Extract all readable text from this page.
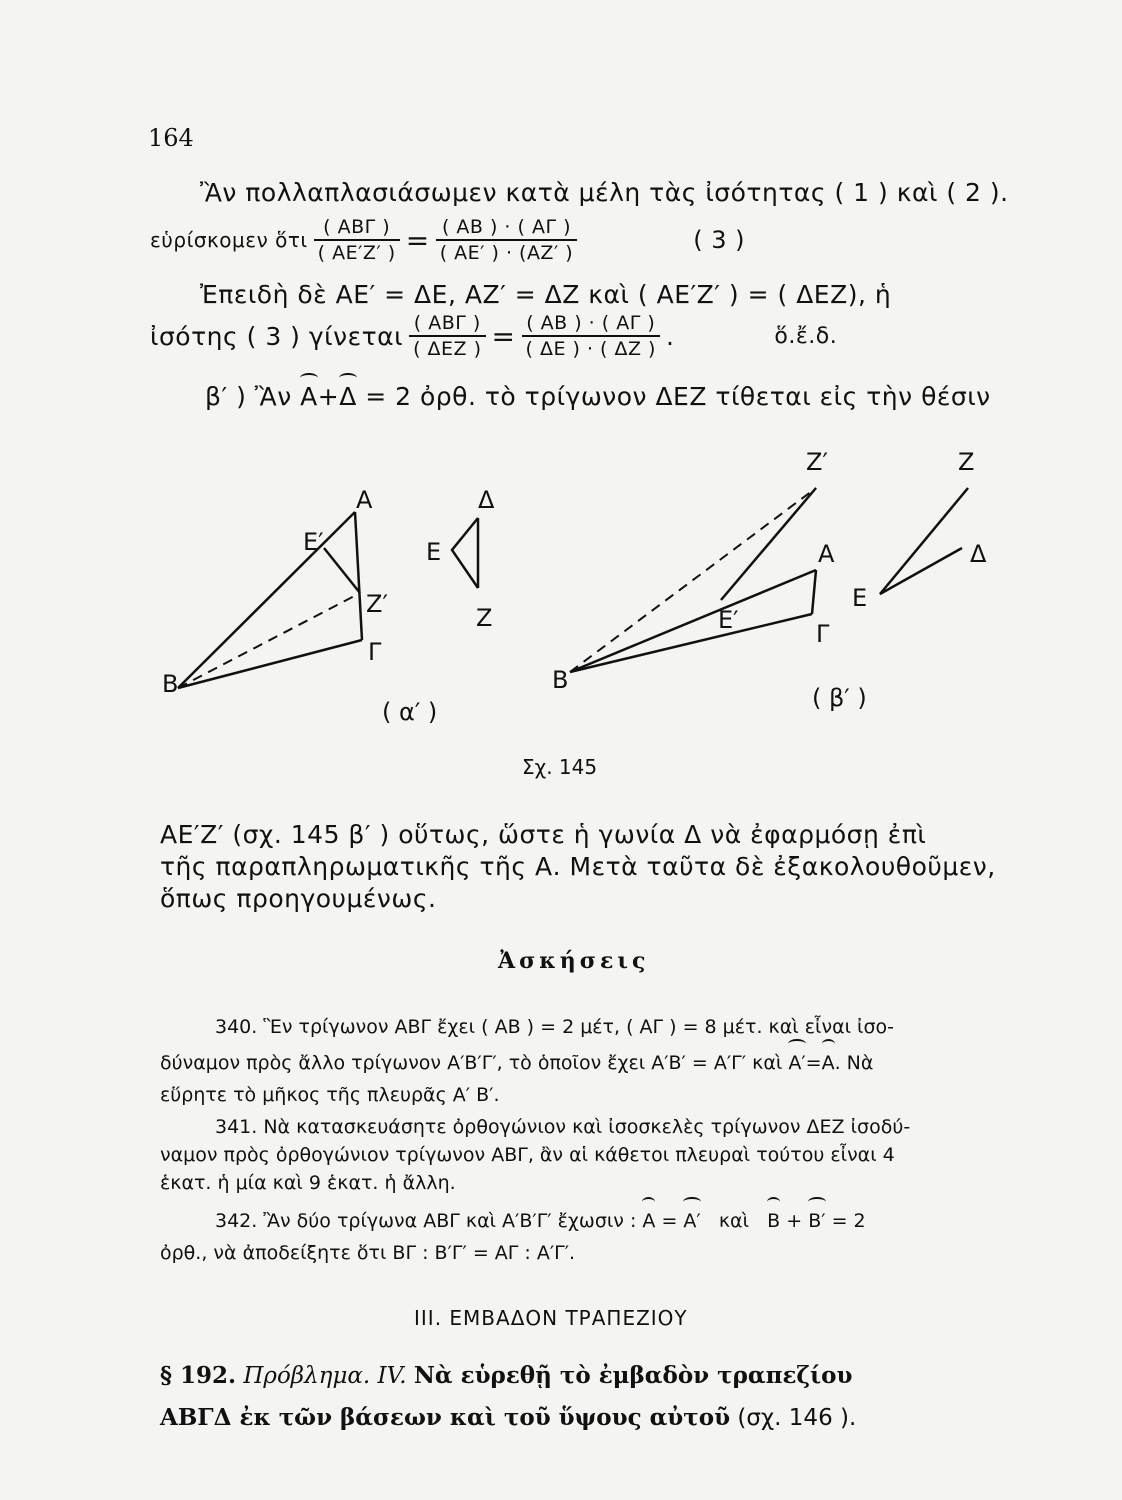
164
Ἂν πολλαπλασιάσωμεν κατὰ μέλη τὰς ἰσότητας ( 1 ) καὶ ( 2 ).
εὑρίσκομεν ὅτι $\frac{\text{( ΑΒΓ )}}{( AE'Z' )} = \frac{( AB ) \cdot ( A\Gamma )}{( AE' ) \cdot (AZ' )}$	( 3 )
Ἐπειδὴ δὲ ΑΕ′ = ΔΕ, ΑΖ′ = ΔΖ καὶ ( ΑΕ′Ζ′ ) = ( ΔΕΖ), ἡ
ἰσότης ( 3 ) γίνεται $\frac{\text{( ΑΒΓ )}}{\text{( ΔΕΖ )}} = \frac{( AB ) \cdot ( A\Gamma )}{( \Delta E ) \cdot ( \Delta Z )}$ .	ὅ.ἔ.δ.
β′ ) Ἂν Α+Δ = 2 ὀρθ. τὸ τρίγωνον ΔΕΖ τίθεται εἰς τὴν θέσιν
Β
Α
Ε′
Ζ′
Γ
Δ
Ε
Ζ
( α′ )
Β
Α
Ε′
Ζ′
Γ
Ζ
Ε
Δ
( β′ )
Σχ. 145
ΑΕ′Ζ′ (σχ. 145 β′ ) οὕτως, ὥστε ἡ γωνία Δ νὰ ἐφαρμόσῃ ἐπὶ
τῆς παραπληρωματικῆς τῆς Α. Μετὰ ταῦτα δὲ ἐξακολουθοῦμεν,
ὅπως προηγουμένως.
Ἀσκήσεις
340. Ἓν τρίγωνον ΑΒΓ ἔχει ( ΑΒ ) = 2 μέτ, ( ΑΓ ) = 8 μέτ. καὶ εἶναι ἰσο-
δύναμον πρὸς ἄλλο τρίγωνον Α′Β′Γ′, τὸ ὁποῖον ἔχει Α′Β′ = Α′Γ′ καὶ Α′=Α. Νὰ
εὕρητε τὸ μῆκος τῆς πλευρᾶς Α′ Β′.
341. Νὰ κατασκευάσητε ὀρθογώνιον καὶ ἰσοσκελὲς τρίγωνον ΔΕΖ ἰσοδύ-
ναμον πρὸς ὀρθογώνιον τρίγωνον ΑΒΓ, ἂν αἱ κάθετοι πλευραὶ τούτου εἶναι 4
ἑκατ. ἡ μία καὶ 9 ἑκατ. ἡ ἄλλη.
342. Ἂν δύο τρίγωνα ΑΒΓ καὶ Α′Β′Γ′ ἔχωσιν : Α = Α′ καὶ Β + Β′ = 2
ὀρθ., νὰ ἀποδείξητε ὅτι ΒΓ : Β′Γ′ = ΑΓ : Α′Γ′.
ΙΙΙ. ΕΜΒΑΔΟΝ ΤΡΑΠΕΖΙΟΥ
§ 192. Πρόβλημα. IV. Νὰ εὑρεθῇ τὸ ἐμβαδὸν τραπεζίου
ΑΒΓΔ ἐκ τῶν βάσεων καὶ τοῦ ὕψους αὐτοῦ (σχ. 146 ).
